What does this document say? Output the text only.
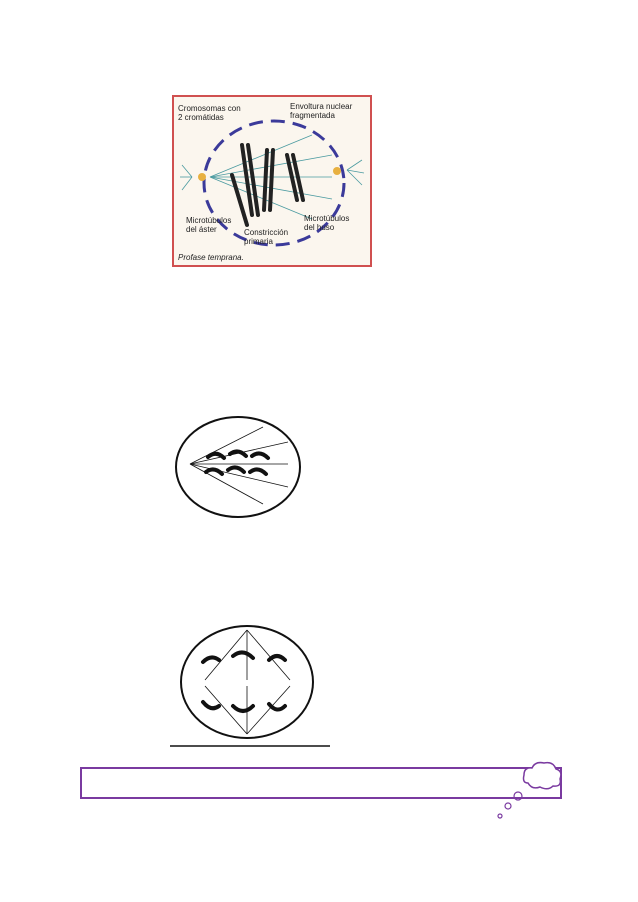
Cromosomas con
2 cromátidas
Envoltura nuclear
fragmentada
Microtúbulos
del áster	Constricción
primaria
Microtúbulos
del huso
Profase temprana.
